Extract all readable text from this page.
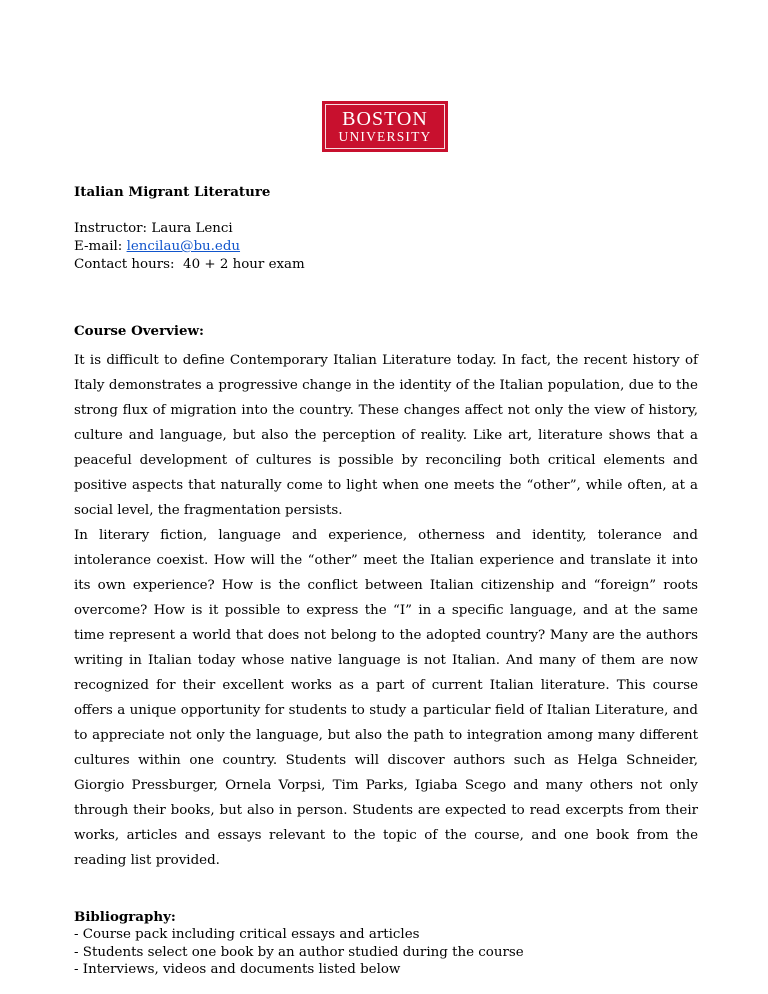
BOSTON
UNIVERSITY
Italian Migrant Literature

Instructor: Laura Lenci

E-mail: lencilau@bu.edu

Contact hours:  40 + 2 hour exam

Course Overview:

It is difficult to define Contemporary Italian Literature today. In fact, the recent history of Italy demonstrates a progressive change in the identity of the Italian population, due to the strong flux of migration into the country. These changes affect not only the view of history, culture and language, but also the perception of reality. Like art, literature shows that a peaceful development of cultures is possible by reconciling both critical elements and positive aspects that naturally come to light when one meets the “other”, while often, at a social level, the fragmentation persists.

In literary fiction, language and experience, otherness and identity, tolerance and intolerance coexist. How will the “other” meet the Italian experience and translate it into its own experience? How is the conflict between Italian citizenship and “foreign” roots overcome? How is it possible to express the “I” in a specific language, and at the same time represent a world that does not belong to the adopted country? Many are the authors writing in Italian today whose native language is not Italian. And many of them are now recognized for their excellent works as a part of current Italian literature. This course offers a unique opportunity for students to study a particular field of Italian Literature, and to appreciate not only the language, but also the path to integration among many different cultures within one country. Students will discover authors such as Helga Schneider, Giorgio Pressburger, Ornela Vorpsi, Tim Parks, Igiaba Scego and many others not only through their books, but also in person. Students are expected to read excerpts from their works, articles and essays relevant to the topic of the course, and one book from the reading list provided.

Bibliography:

- Course pack including critical essays and articles

- Students select one book by an author studied during the course

- Interviews, videos and documents listed below
